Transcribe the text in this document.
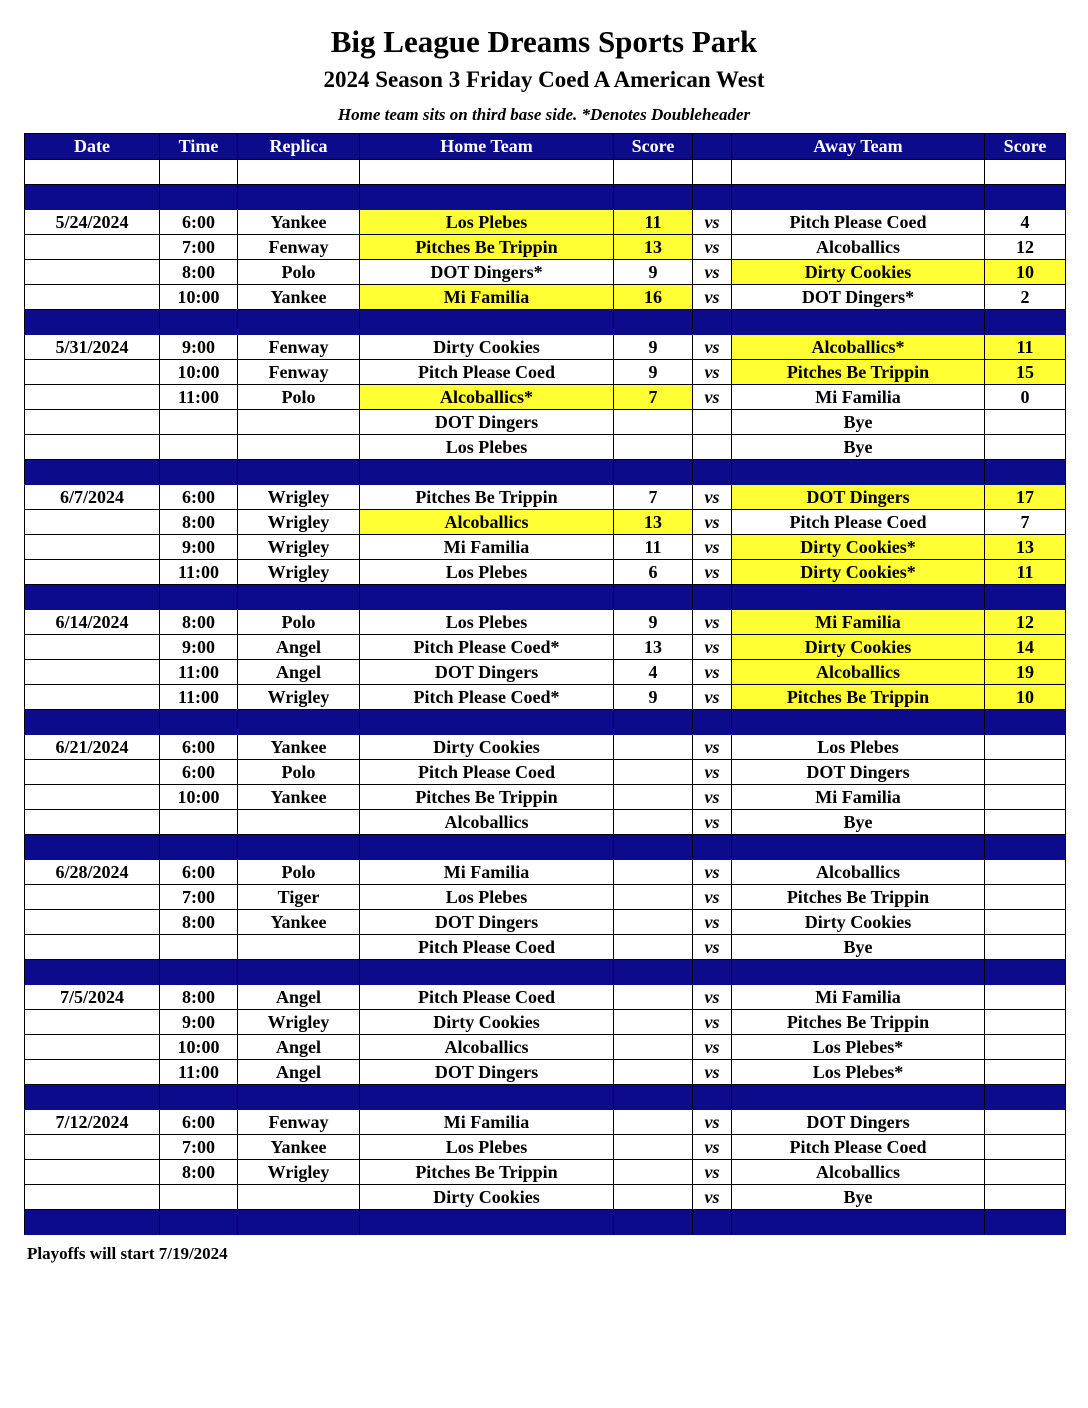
Big League Dreams Sports Park
2024 Season 3 Friday Coed A American West
Home team sits on third base side. *Denotes Doubleheader
Date	Time	Replica	Home Team	Score		Away Team	Score

5/24/2024	6:00	Yankee	Los Plebes	11	vs	Pitch Please Coed	4
	7:00	Fenway	Pitches Be Trippin	13	vs	Alcoballics	12
	8:00	Polo	DOT Dingers*	9	vs	Dirty Cookies	10
	10:00	Yankee	Mi Familia	16	vs	DOT Dingers*	2

5/31/2024	9:00	Fenway	Dirty Cookies	9	vs	Alcoballics*	11
	10:00	Fenway	Pitch Please Coed	9	vs	Pitches Be Trippin	15
	11:00	Polo	Alcoballics*	7	vs	Mi Familia	0
			DOT Dingers			Bye	
			Los Plebes			Bye	

6/7/2024	6:00	Wrigley	Pitches Be Trippin	7	vs	DOT Dingers	17
	8:00	Wrigley	Alcoballics	13	vs	Pitch Please Coed	7
	9:00	Wrigley	Mi Familia	11	vs	Dirty Cookies*	13
	11:00	Wrigley	Los Plebes	6	vs	Dirty Cookies*	11

6/14/2024	8:00	Polo	Los Plebes	9	vs	Mi Familia	12
	9:00	Angel	Pitch Please Coed*	13	vs	Dirty Cookies	14
	11:00	Angel	DOT Dingers	4	vs	Alcoballics	19
	11:00	Wrigley	Pitch Please Coed*	9	vs	Pitches Be Trippin	10

6/21/2024	6:00	Yankee	Dirty Cookies		vs	Los Plebes	
	6:00	Polo	Pitch Please Coed		vs	DOT Dingers	
	10:00	Yankee	Pitches Be Trippin		vs	Mi Familia	
			Alcoballics		vs	Bye	

6/28/2024	6:00	Polo	Mi Familia		vs	Alcoballics	
	7:00	Tiger	Los Plebes		vs	Pitches Be Trippin	
	8:00	Yankee	DOT Dingers		vs	Dirty Cookies	
			Pitch Please Coed		vs	Bye	

7/5/2024	8:00	Angel	Pitch Please Coed		vs	Mi Familia	
	9:00	Wrigley	Dirty Cookies		vs	Pitches Be Trippin	
	10:00	Angel	Alcoballics		vs	Los Plebes*	
	11:00	Angel	DOT Dingers		vs	Los Plebes*	

7/12/2024	6:00	Fenway	Mi Familia		vs	DOT Dingers	
	7:00	Yankee	Los Plebes		vs	Pitch Please Coed	
	8:00	Wrigley	Pitches Be Trippin		vs	Alcoballics	
			Dirty Cookies		vs	Bye	

Playoffs will start 7/19/2024
